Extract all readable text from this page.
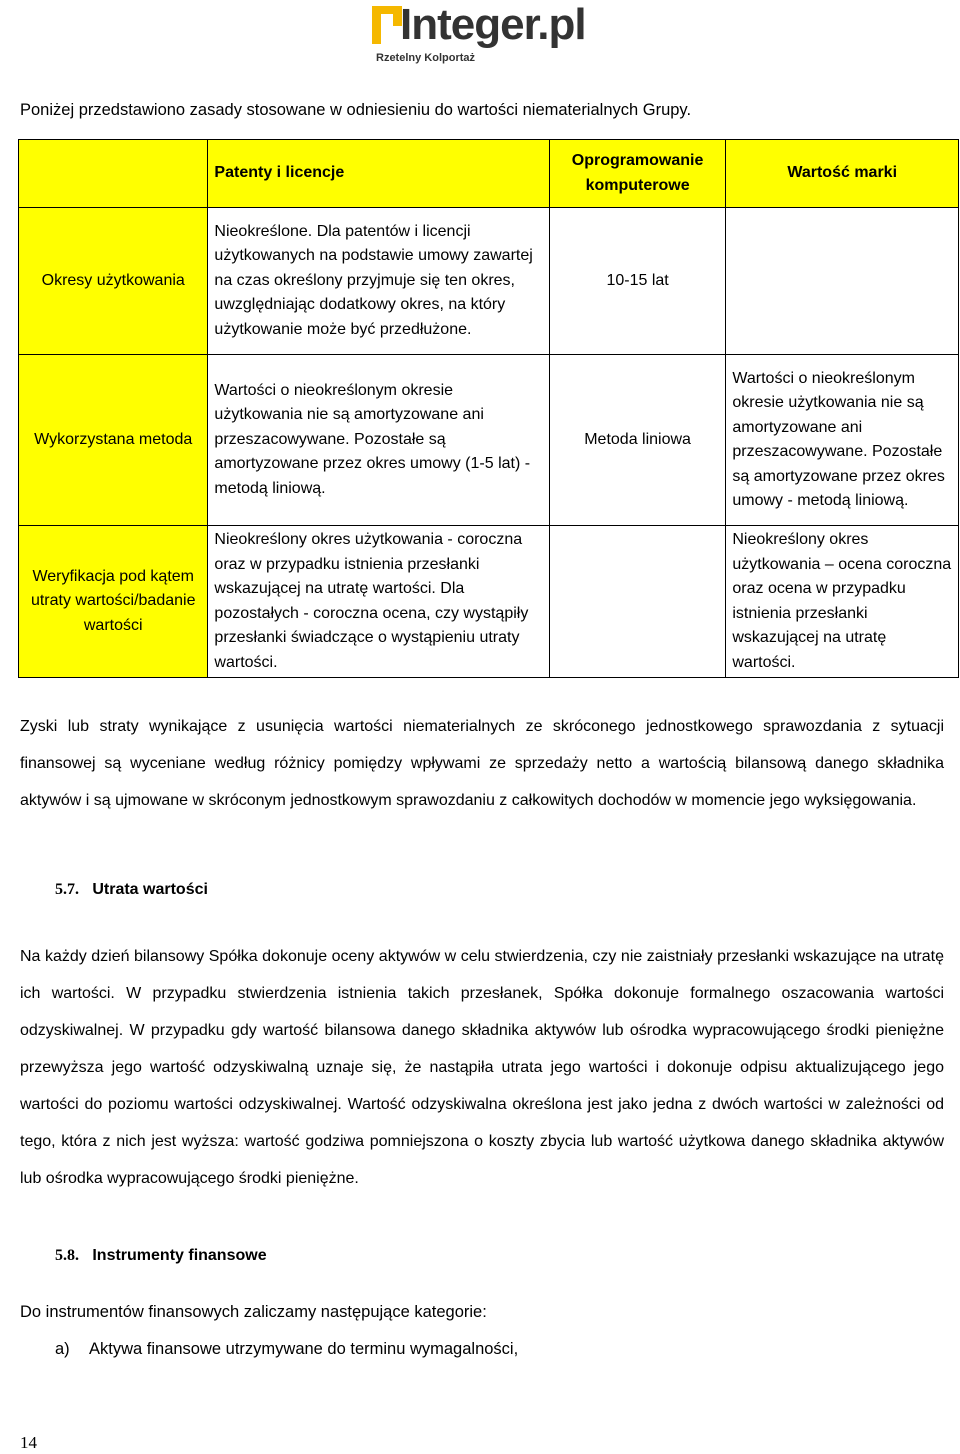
Integer.pl
Rzetelny Kolportaż
Poniżej przedstawiono zasady stosowane w odniesieniu do wartości niematerialnych Grupy.
	Patenty i licencje	Oprogramowanie komputerowe	Wartość marki
Okresy użytkowania	Nieokreślone. Dla patentów i licencji użytkowanych na podstawie umowy zawartej na czas określony przyjmuje się ten okres, uwzględniając dodatkowy okres, na który użytkowanie może być przedłużone.	10-15 lat	
Wykorzystana metoda	Wartości o nieokreślonym okresie użytkowania nie są amortyzowane ani przeszacowywane. Pozostałe są amortyzowane przez okres umowy (1-5 lat) - metodą liniową.	Metoda liniowa	Wartości o nieokreślonym okresie użytkowania nie są amortyzowane ani przeszacowywane. Pozostałe są amortyzowane przez okres umowy - metodą liniową.
Weryfikacja pod kątem utraty wartości/badanie wartości	Nieokreślony okres użytkowania - coroczna oraz w przypadku istnienia przesłanki wskazującej na utratę wartości. Dla pozostałych - coroczna ocena, czy wystąpiły przesłanki świadczące o wystąpieniu utraty wartości.		Nieokreślony okres użytkowania – ocena coroczna oraz ocena w przypadku istnienia przesłanki wskazującej na utratę wartości.
Zyski lub straty wynikające z usunięcia wartości niematerialnych ze skróconego jednostkowego sprawozdania z sytuacji finansowej są wyceniane według różnicy pomiędzy wpływami ze sprzedaży netto a wartością bilansową danego składnika aktywów i są ujmowane w skróconym jednostkowym sprawozdaniu z całkowitych dochodów w momencie jego wyksięgowania.
5.7. Utrata wartości
Na każdy dzień bilansowy Spółka dokonuje oceny aktywów w celu stwierdzenia, czy nie zaistniały przesłanki wskazujące na utratę ich wartości. W przypadku stwierdzenia istnienia takich przesłanek, Spółka dokonuje formalnego oszacowania wartości odzyskiwalnej. W przypadku gdy wartość bilansowa danego składnika aktywów lub ośrodka wypracowującego środki pieniężne przewyższa jego wartość odzyskiwalną uznaje się, że nastąpiła utrata jego wartości i dokonuje odpisu aktualizującego jego wartości do poziomu wartości odzyskiwalnej. Wartość odzyskiwalna określona jest jako jedna z dwóch wartości w zależności od tego, która z nich jest wyższa: wartość godziwa pomniejszona o koszty zbycia lub wartość użytkowa danego składnika aktywów lub ośrodka wypracowującego środki pieniężne.
5.8. Instrumenty finansowe
Do instrumentów finansowych zaliczamy następujące kategorie:
a) Aktywa finansowe utrzymywane do terminu wymagalności,
14
